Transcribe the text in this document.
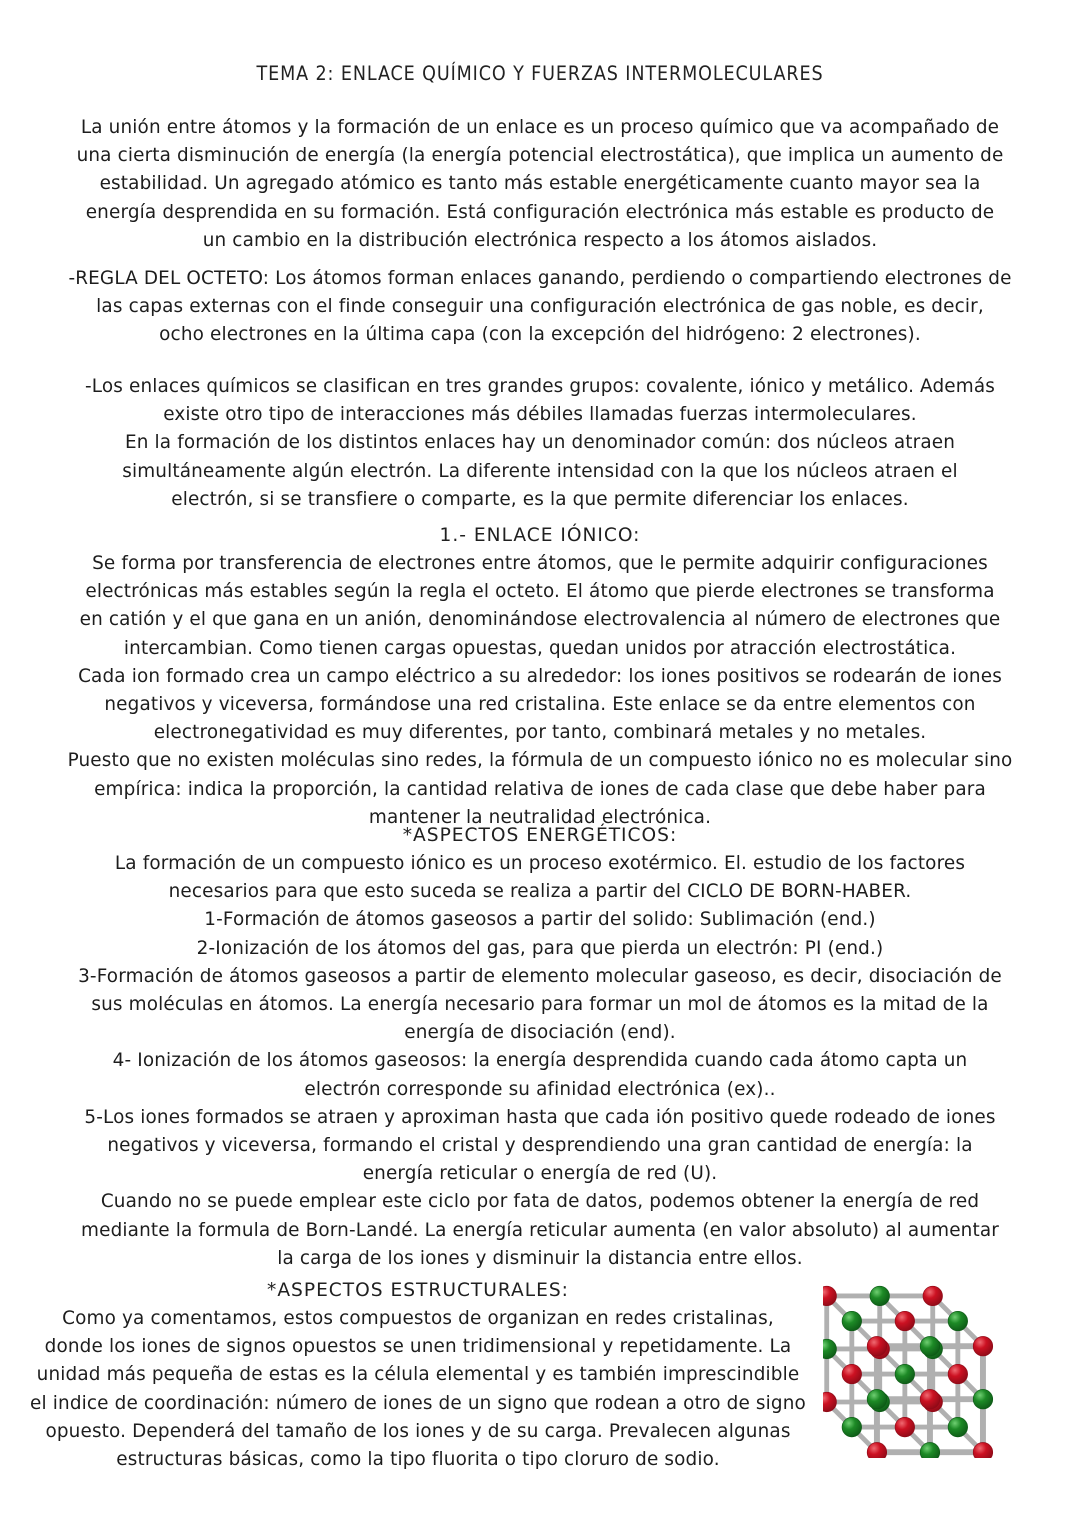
TEMA 2: ENLACE QUÍMICO Y FUERZAS INTERMOLECULARES
La unión entre átomos y la formación de un enlace es un proceso químico que va acompañado de
una cierta disminución de energía (la energía potencial electrostática), que implica un aumento de
estabilidad. Un agregado atómico es tanto más estable energéticamente cuanto mayor sea la
energía desprendida en su formación. Está configuración electrónica más estable es producto de
un cambio en la distribución electrónica respecto a los átomos aislados.
-REGLA DEL OCTETO: Los átomos forman enlaces ganando, perdiendo o compartiendo electrones de
las capas externas con el finde conseguir una configuración electrónica de gas noble, es decir,
ocho electrones en la última capa (con la excepción del hidrógeno: 2 electrones).
-Los enlaces químicos se clasifican en tres grandes grupos: covalente, iónico y metálico. Además
existe otro tipo de interacciones más débiles llamadas fuerzas intermoleculares.
En la formación de los distintos enlaces hay un denominador común: dos núcleos atraen
simultáneamente algún electrón. La diferente intensidad con la que los núcleos atraen el
electrón, si se transfiere o comparte, es la que permite diferenciar los enlaces.
1.- ENLACE IÓNICO:
Se forma por transferencia de electrones entre átomos, que le permite adquirir configuraciones
electrónicas más estables según la regla el octeto. El átomo que pierde electrones se transforma
en catión y el que gana en un anión, denominándose electrovalencia al número de electrones que
intercambian. Como tienen cargas opuestas, quedan unidos por atracción electrostática.
Cada ion formado crea un campo eléctrico a su alrededor: los iones positivos se rodearán de iones
negativos y viceversa, formándose una red cristalina. Este enlace se da entre elementos con
electronegatividad es muy diferentes, por tanto, combinará metales y no metales.
Puesto que no existen moléculas sino redes, la fórmula de un compuesto iónico no es molecular sino
empírica: indica la proporción, la cantidad relativa de iones de cada clase que debe haber para
mantener la neutralidad electrónica.
*ASPECTOS ENERGÉTICOS:
La formación de un compuesto iónico es un proceso exotérmico. El. estudio de los factores
necesarios para que esto suceda se realiza a partir del CICLO DE BORN-HABER.
1-Formación de átomos gaseosos a partir del solido: Sublimación (end.)
2-Ionización de los átomos del gas, para que pierda un electrón: PI (end.)
3-Formación de átomos gaseosos a partir de elemento molecular gaseoso, es decir, disociación de
sus moléculas en átomos. La energía necesario para formar un mol de átomos es la mitad de la
energía de disociación (end).
4- Ionización de los átomos gaseosos: la energía desprendida cuando cada átomo capta un
electrón corresponde su afinidad electrónica (ex)..
5-Los iones formados se atraen y aproximan hasta que cada ión positivo quede rodeado de iones
negativos y viceversa, formando el cristal y desprendiendo una gran cantidad de energía: la
energía reticular o energía de red (U).
Cuando no se puede emplear este ciclo por fata de datos, podemos obtener la energía de red
mediante la formula de Born-Landé. La energía reticular aumenta (en valor absoluto) al aumentar
la carga de los iones y disminuir la distancia entre ellos.
*ASPECTOS ESTRUCTURALES:
Como ya comentamos, estos compuestos de organizan en redes cristalinas,
donde los iones de signos opuestos se unen tridimensional y repetidamente. La
unidad más pequeña de estas es la célula elemental y es también imprescindible
el indice de coordinación: número de iones de un signo que rodean a otro de signo
opuesto. Dependerá del tamaño de los iones y de su carga. Prevalecen algunas
estructuras básicas, como la tipo fluorita o tipo cloruro de sodio.
